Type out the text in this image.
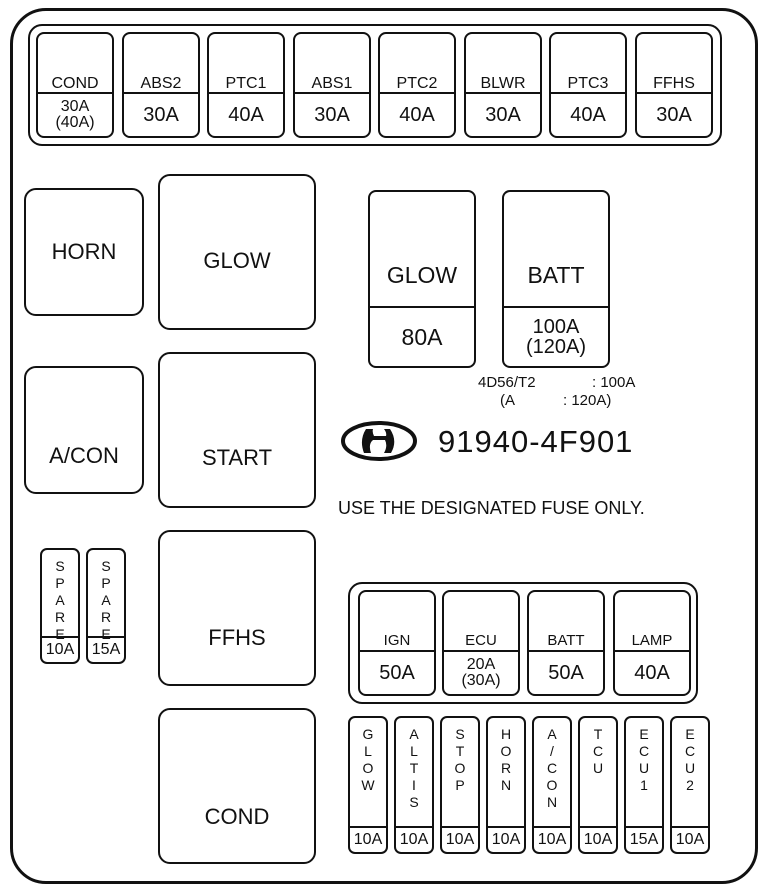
COND
30A
(40A)
ABS2
30A
PTC1
40A
ABS1
30A
PTC2
40A
BLWR
30A
PTC3
40A
FFHS
30A
HORN	GLOW
A/CON	START
FFHS
COND
GLOW
80A
BATT
100A
(120A)
4D56/T2	: 100A
(A	: 120A)
91940-4F901
USE THE DESIGNATED FUSE ONLY.
S
P
A
R
E
10A
S
P
A
R
E
15A
IGN
50A
ECU
20A
(30A)
BATT
50A
LAMP
40A
G
L
O
W
10A
A
L
T
I
S
10A
S
T
O
P
10A
H
O
R
N
10A
A
/
C
O
N
10A
T
C
U
10A
E
C
U
1
15A
E
C
U
2
10A
